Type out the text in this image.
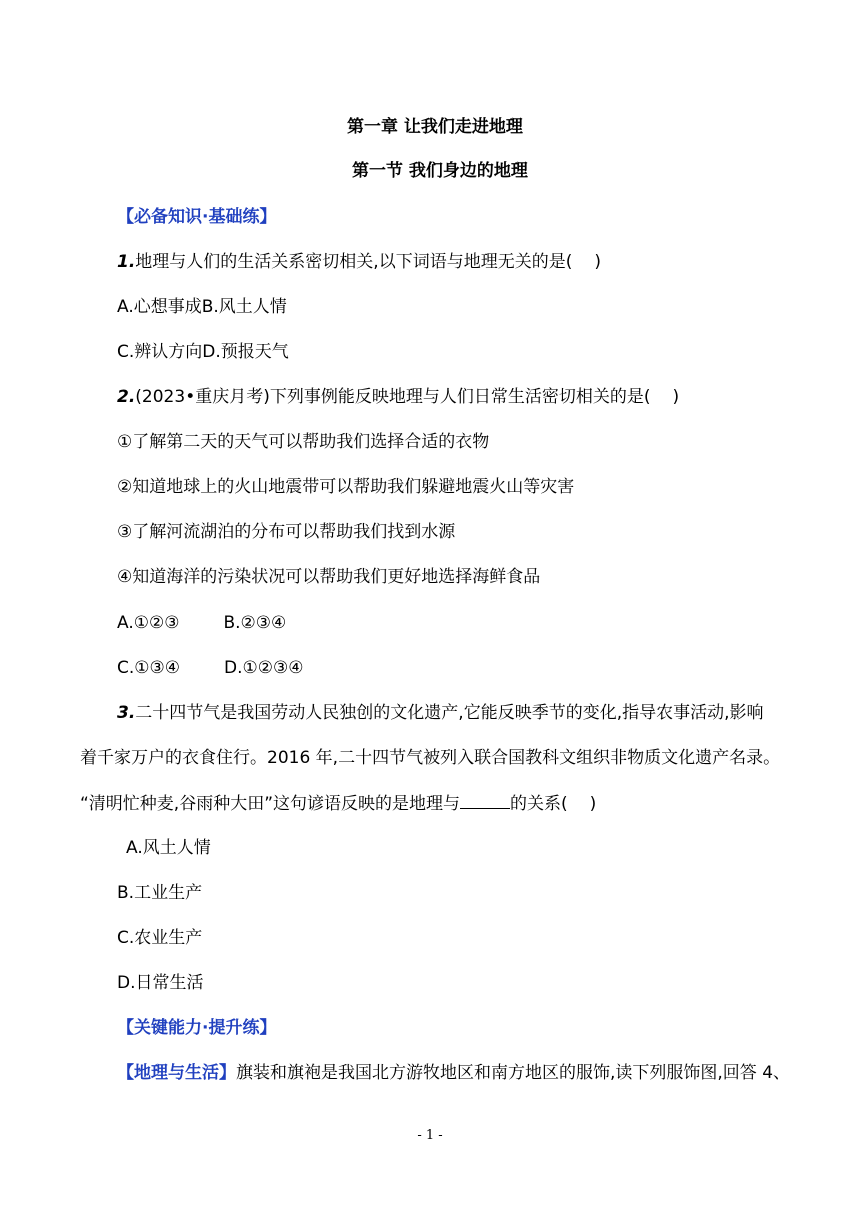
第一章 让我们走进地理
第一节 我们身边的地理
【必备知识·基础练】
1.地理与人们的生活关系密切相关,以下词语与地理无关的是( )
A.心想事成B.风土人情
C.辨认方向D.预报天气
2.(2023•重庆月考)下列事例能反映地理与人们日常生活密切相关的是( )
①了解第二天的天气可以帮助我们选择合适的衣物
②知道地球上的火山地震带可以帮助我们躲避地震火山等灾害
③了解河流湖泊的分布可以帮助我们找到水源
④知道海洋的污染状况可以帮助我们更好地选择海鲜食品
A.①②③	B.②③④
C.①③④	D.①②③④
3.二十四节气是我国劳动人民独创的文化遗产,它能反映季节的变化,指导农事活动,影响
着千家万户的衣食住行。2016 年,二十四节气被列入联合国教科文组织非物质文化遗产名录。
“清明忙种麦,谷雨种大田”这句谚语反映的是地理与	的关系( )
A.风土人情
B.工业生产
C.农业生产
D.日常生活
【关键能力·提升练】
【地理与生活】旗装和旗袍是我国北方游牧地区和南方地区的服饰,读下列服饰图,回答 4、
- 1 -
